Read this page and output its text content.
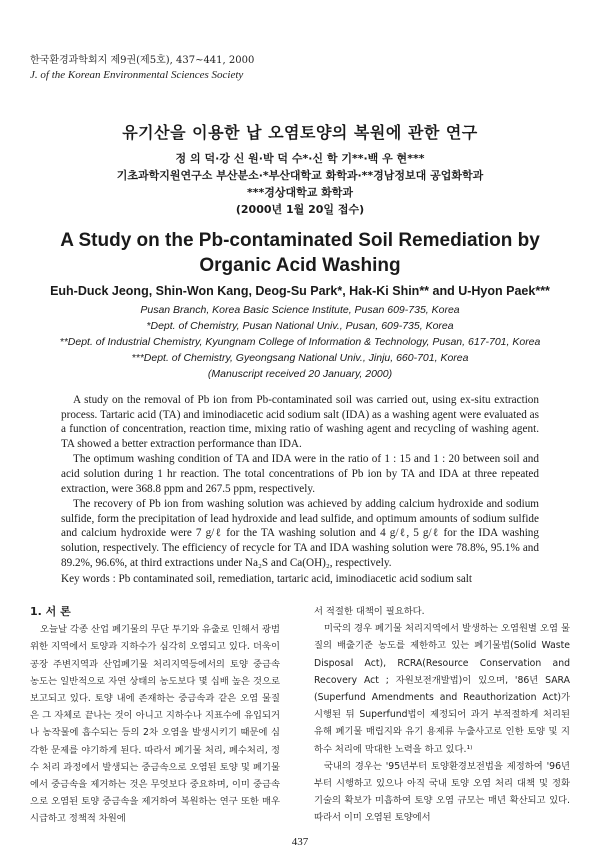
한국환경과학회지 제9권(제5호), 437~441, 2000
J. of the Korean Environmental Sciences Society
유기산을 이용한 납 오염토양의 복원에 관한 연구
정 의 덕·강 신 원·박 덕 수*·신 학 기**·백 우 현***
기초과학지원연구소 부산분소·*부산대학교 화학과·**경남정보대 공업화학과
***경상대학교 화학과
(2000년 1월 20일 접수)
A Study on the Pb-contaminated Soil Remediation by Organic Acid Washing
Euh-Duck Jeong, Shin-Won Kang, Deog-Su Park*, Hak-Ki Shin** and U-Hyon Paek***
Pusan Branch, Korea Basic Science Institute, Pusan 609-735, Korea
*Dept. of Chemistry, Pusan National Univ., Pusan, 609-735, Korea
**Dept. of Industrial Chemistry, Kyungnam College of Information & Technology, Pusan, 617-701, Korea
***Dept. of Chemistry, Gyeongsang National Univ., Jinju, 660-701, Korea
(Manuscript received 20 January, 2000)

A study on the removal of Pb ion from Pb-contaminated soil was carried out, using ex-situ extraction process. Tartaric acid (TA) and iminodiacetic acid sodium salt (IDA) as a washing agent were evaluated as a function of concentration, reaction time, mixing ratio of washing agent and recycling of washing agent. TA showed a better extraction performance than IDA.

The optimum washing condition of TA and IDA were in the ratio of 1 : 15 and 1 : 20 between soil and acid solution during 1 hr reaction. The total concentrations of Pb ion by TA and IDA at three repeated extraction, were 368.8 ppm and 267.5 ppm, respectively.

The recovery of Pb ion from washing solution was achieved by adding calcium hydroxide and sodium sulfide, form the precipitation of lead hydroxide and lead sulfide, and optimum amounts of sodium sulfide and calcium hydroxide were 7 g/ℓ for the TA washing solution and 4 g/ℓ, 5 g/ℓ for the IDA washing solution, respectively. The efficiency of recycle for TA and IDA washing solution were 78.8%, 95.1% and 89.2%, 96.6%, at third extractions under Na₂S and Ca(OH)₂, respectively.

Key words : Pb contaminated soil, remediation, tartaric acid, iminodiacetic acid sodium salt
1. 서 론

오늘날 각종 산업 폐기물의 무단 투기와 유출로 인해서 광범위한 지역에서 토양과 지하수가 심각히 오염되고 있다. 더욱이 공장 주변지역과 산업폐기물 처리지역등에서의 토양 중금속 농도는 일반적으로 자연 상태의 농도보다 몇 십배 높은 것으로 보고되고 있다. 토양 내에 존재하는 중금속과 같은 오염 물질은 그 자체로 끝나는 것이 아니고 지하수나 지표수에 유입되거나 농작물에 흡수되는 등의 2차 오염을 발생시키기 때문에 심각한 문제를 야기하게 된다. 따라서 폐기물 처리, 폐수처리, 정수 처리 과정에서 발생되는 중금속으로 오염된 토양 및 폐기물에서 중금속을 제거하는 것은 무엇보다 중요하며, 이미 중금속으로 오염된 토양 중금속을 제거하여 복원하는 연구 또한 매우 시급하고 정책적 차원에

서 적절한 대책이 필요하다.

미국의 경우 폐기물 처리지역에서 발생하는 오염원별 오염 물질의 배출기준 농도를 제한하고 있는 폐기물법(Solid Waste Disposal Act), RCRA(Resource Conservation and Recovery Act ; 자원보전개발법)이 있으며, '86년 SARA (Superfund Amendments and Reauthorization Act)가 시행된 뒤 Superfund법이 제정되어 과거 부적절하게 처리된 유해 폐기물 매립지와 유기 용제류 누출사고로 인한 토양 및 지하수 처리에 막대한 노력을 하고 있다.¹⁾

국내의 경우는 '95년부터 토양환경보전법을 제정하여 '96년부터 시행하고 있으나 아직 국내 토양 오염 처리 대책 및 정화 기술의 확보가 미흡하여 토양 오염 규모는 매년 확산되고 있다. 따라서 이미 오염된 토양에서

437
